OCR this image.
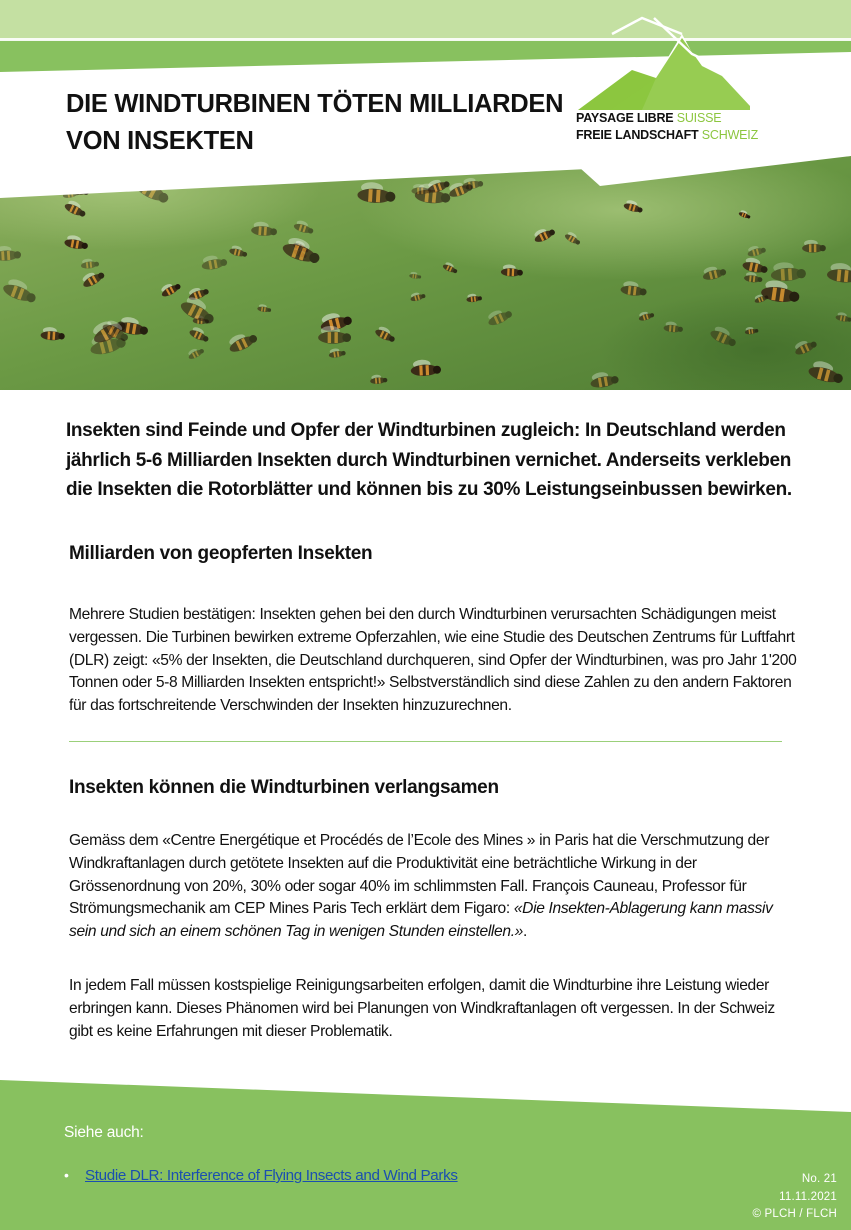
DIE WINDTURBINEN TÖTEN MILLIARDEN VON INSEKTEN
PAYSAGE LIBRE SUISSE
FREIE LANDSCHAFT SCHWEIZ
Insekten sind Feinde und Opfer der Windturbinen zugleich: In Deutschland werden jährlich 5-6 Milliarden Insekten durch Windturbinen vernichet. Anderseits verkleben die Insekten die Rotorblätter und können bis zu 30% Leistungseinbussen bewirken.
Milliarden von geopferten Insekten
Mehrere Studien bestätigen: Insekten gehen bei den durch Windturbinen verursachten Schädigungen meist vergessen. Die Turbinen bewirken extreme Opferzahlen, wie eine Studie des Deutschen Zentrums für Luftfahrt (DLR) zeigt: «5% der Insekten, die Deutschland durchqueren, sind Opfer der Windturbinen, was pro Jahr 1'200 Tonnen oder 5-8 Milliarden Insekten entspricht!» Selbstverständlich sind diese Zahlen zu den andern Faktoren für das fortschreitende Verschwinden der Insekten hinzuzurechnen.
Insekten können die Windturbinen verlangsamen
Gemäss dem «Centre Energétique et Procédés de l’Ecole des Mines » in Paris hat die Verschmutzung der Windkraftanlagen durch getötete Insekten auf die Produktivität eine beträchtliche Wirkung in der Grössenordnung von 20%, 30% oder sogar 40% im schlimmsten Fall. François Cauneau, Professor für Strömungsmechanik am CEP Mines Paris Tech erklärt dem Figaro: «Die Insekten-Ablagerung kann massiv sein und sich an einem schönen Tag in wenigen Stunden einstellen.».
In jedem Fall müssen kostspielige Reinigungsarbeiten erfolgen, damit die Windturbine ihre Leistung wieder erbringen kann. Dieses Phänomen wird bei Planungen von Windkraftanlagen oft vergessen. In der Schweiz gibt es keine Erfahrungen mit dieser Problematik.
Siehe auch:
• Studie DLR: Interference of Flying Insects and Wind Parks	No. 21
11.11.2021
© PLCH / FLCH
